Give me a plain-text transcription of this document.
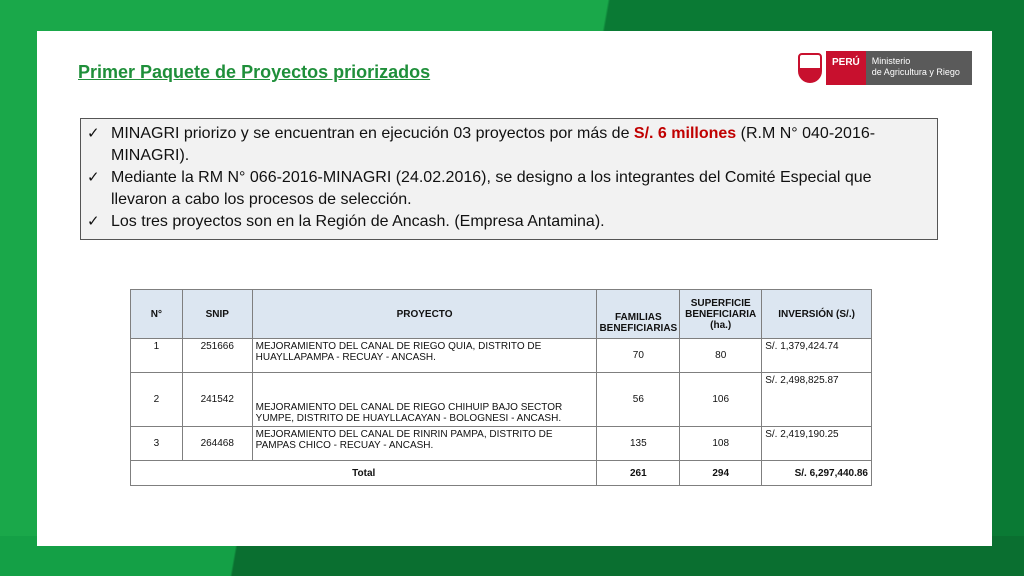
Primer Paquete de Proyectos priorizados	PERÚ	Ministerio
de Agricultura y Riego
✓ MINAGRI priorizo y se encuentran en ejecución 03 proyectos por más de S/. 6 millones (R.M N° 040-2016-MINAGRI).
✓ Mediante la RM N° 066-2016-MINAGRI (24.02.2016), se designo a los integrantes del Comité Especial que llevaron a cabo los procesos de selección.
✓ Los tres proyectos son en la Región de Ancash. (Empresa Antamina).
N°	SNIP	PROYECTO	FAMILIAS BENEFICIARIAS	SUPERFICIE BENEFICIARIA (ha.)	INVERSIÓN (S/.)
1	251666	MEJORAMIENTO DEL CANAL DE RIEGO QUIA, DISTRITO DE HUAYLLAPAMPA - RECUAY - ANCASH.	70	80	S/. 1,379,424.74
2	241542	MEJORAMIENTO DEL CANAL DE RIEGO CHIHUIP BAJO SECTOR YUMPE, DISTRITO DE HUAYLLACAYAN - BOLOGNESI - ANCASH.	56	106	S/. 2,498,825.87
3	264468	MEJORAMIENTO DEL CANAL DE RINRIN PAMPA, DISTRITO DE PAMPAS CHICO - RECUAY - ANCASH.	135	108	S/. 2,419,190.25
Total			261	294	S/. 6,297,440.86
